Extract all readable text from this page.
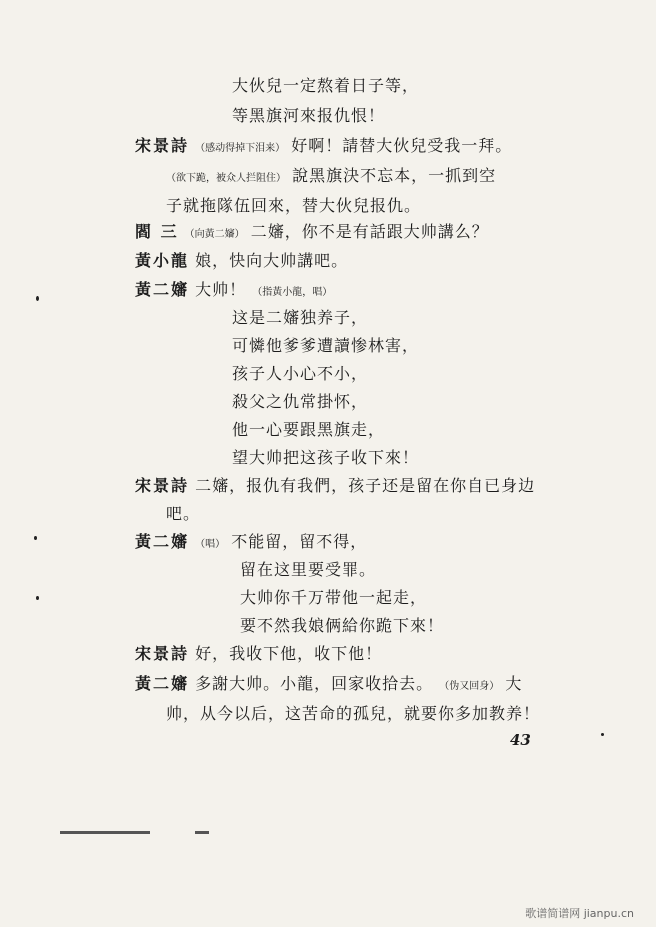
大伙兒一定熬着日子等，
等黑旗河來报仇恨！
宋景詩 （感动得掉下泪来） 好啊！請替大伙兒受我一拜。
（欲下跪，被众人拦阻住） 說黑旗決不忘本，一抓到空
子就拖隊伍回來，替大伙兒报仇。
閻 三 （向黃二嬸） 二嬸，你不是有話跟大帅講么？
黃小龍 娘，快向大帅講吧。
黃二嬸 大帅！ （指黃小龍，唱）
这是二嬸独养子，
可憐他爹爹遭讀惨林害，
孩子人小心不小，
殺父之仇常掛怀，
他一心要跟黑旗走，
望大帅把这孩子收下來！
宋景詩 二嬸，报仇有我們，孩子还是留在你自已身边
吧。
黃二嬸 （唱） 不能留，留不得，
留在这里要受罪。
大帅你千万带他一起走，
要不然我娘俩給你跪下來！
宋景詩 好，我收下他，收下他！
黃二嬸 多謝大帅。小龍，回家收拾去。 （伪又回身） 大
帅，从今以后，这苦命的孤兒，就要你多加教养！
43
歌谱简谱网 jianpu.cn
